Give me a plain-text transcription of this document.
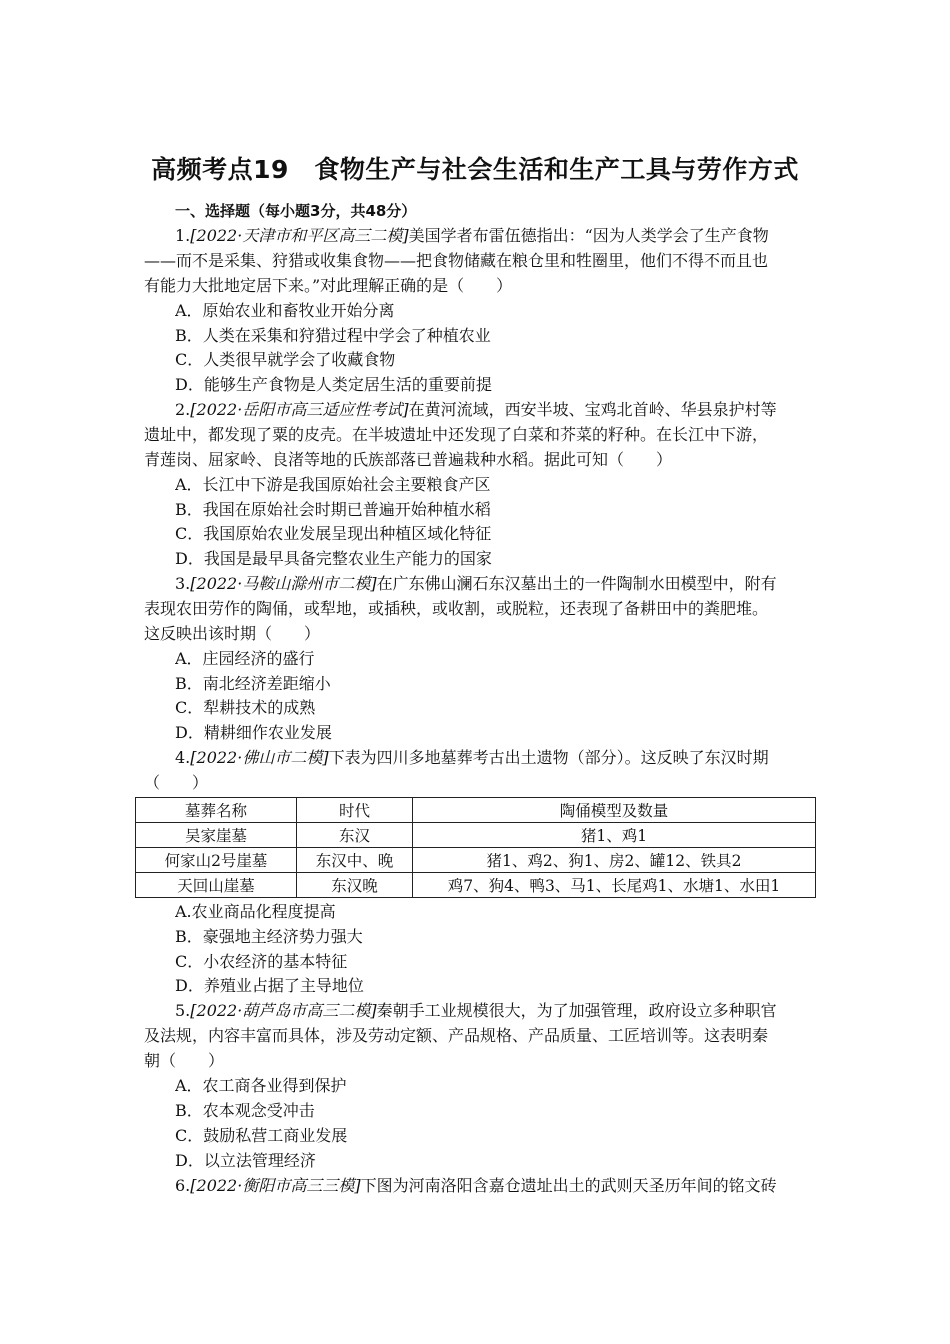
高频考点19　食物生产与社会生活和生产工具与劳作方式
一、选择题（每小题3分，共48分）
1.[2022·天津市和平区高三二模]美国学者布雷伍德指出：“因为人类学会了生产食物
——而不是采集、狩猎或收集食物——把食物储藏在粮仓里和牲圈里，他们不得不而且也
有能力大批地定居下来。”对此理解正确的是（　　）
A．原始农业和畜牧业开始分离
B．人类在采集和狩猎过程中学会了种植农业
C．人类很早就学会了收藏食物
D．能够生产食物是人类定居生活的重要前提
2.[2022·岳阳市高三适应性考试]在黄河流域，西安半坡、宝鸡北首岭、华县泉护村等
遗址中，都发现了粟的皮壳。在半坡遗址中还发现了白菜和芥菜的籽种。在长江中下游，
青莲岗、屈家岭、良渚等地的氏族部落已普遍栽种水稻。据此可知（　　）
A．长江中下游是我国原始社会主要粮食产区
B．我国在原始社会时期已普遍开始种植水稻
C．我国原始农业发展呈现出种植区域化特征
D．我国是最早具备完整农业生产能力的国家
3.[2022·马鞍山滁州市二模]在广东佛山澜石东汉墓出土的一件陶制水田模型中，附有
表现农田劳作的陶俑，或犁地，或插秧，或收割，或脱粒，还表现了备耕田中的粪肥堆。
这反映出该时期（　　）
A．庄园经济的盛行
B．南北经济差距缩小
C．犁耕技术的成熟
D．精耕细作农业发展
4.[2022·佛山市二模]下表为四川多地墓葬考古出土遗物（部分）。这反映了东汉时期
（　　）
墓葬名称	时代	陶俑模型及数量
吴家崖墓	东汉	猪1、鸡1
何家山2号崖墓	东汉中、晚	猪1、鸡2、狗1、房2、罐12、铁具2
天回山崖墓	东汉晚	鸡7、狗4、鸭3、马1、长尾鸡1、水塘1、水田1
A.农业商品化程度提高
B．豪强地主经济势力强大
C．小农经济的基本特征
D．养殖业占据了主导地位
5.[2022·葫芦岛市高三二模]秦朝手工业规模很大，为了加强管理，政府设立多种职官
及法规，内容丰富而具体，涉及劳动定额、产品规格、产品质量、工匠培训等。这表明秦
朝（　　）
A．农工商各业得到保护
B．农本观念受冲击
C．鼓励私营工商业发展
D．以立法管理经济
6.[2022·衡阳市高三三模]下图为河南洛阳含嘉仓遗址出土的武则天圣历年间的铭文砖
